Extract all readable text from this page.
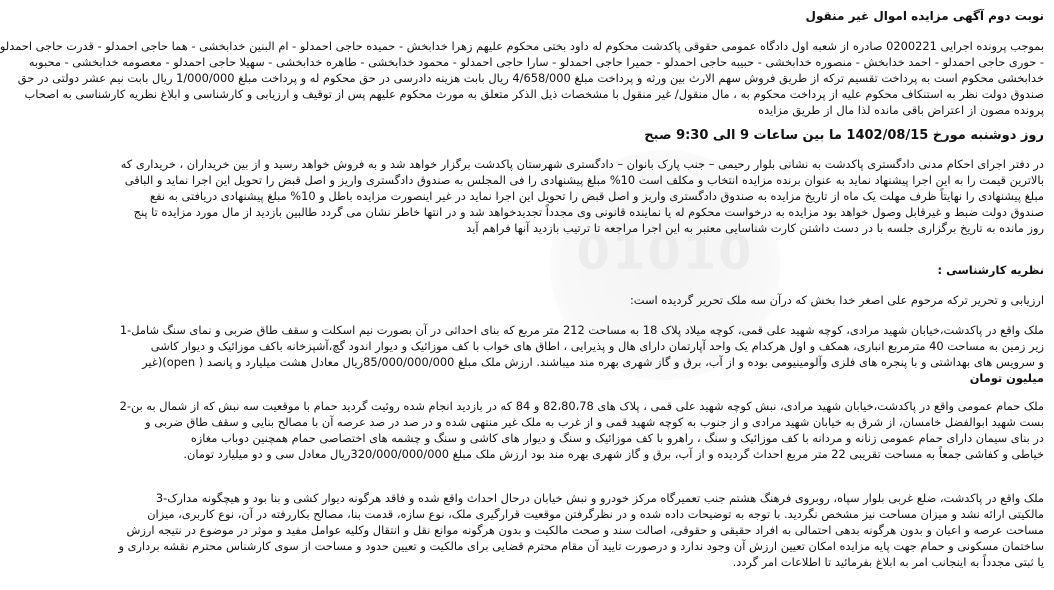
01010
نوبت دوم آگهی مزایده اموال غیر منقول
بموجب پرونده اجرایی 0200221 صادره از شعبه اول دادگاه عمومی حقوقی پاکدشت محکوم له داود بختی محکوم علیهم زهرا خدابخش - حمیده حاجی احمدلو - ام البنین خدابخشی - هما حاجی احمدلو - قدرت حاجی احمدلو
- حوری حاجی احمدلو - احمد خدابخش - منصوره خدابخشی - حبیبه حاجی احمدلو - حمیرا حاجی احمدلو - سارا حاجی احمدلو - محمود خدابخشی - طاهره خدابخشی - سهیلا حاجی احمدلو - معصومه خدابخشی - محبوبه
خدابخشی محکوم است به پرداخت تقسیم ترکه از طریق فروش سهم الارث بین ورثه و پرداخت مبلغ 4/658/000 ریال بابت هزینه دادرسی در حق محکوم له و پرداخت مبلغ 1/000/000 ریال بابت نیم عشر دولتی در حق
صندوق دولت نظر به استنکاف محکوم علیه از پرداخت محکوم به ، مال منقول/ غیر منقول با مشخصات ذیل الذکر متعلق به مورث محکوم علیهم پس از توقیف و ارزیابی و کارشناسی و ابلاغ نظریه کارشناسی به اصحاب
پرونده مصون از اعتراض باقی مانده لذا مال از طریق مزایده
روز دوشنبه مورخ 1402/08/15 ما بین ساعات 9 الی 9:30 صبح
در دفتر اجرای احکام مدنی دادگستری پاکدشت به نشانی بلوار رحیمی – جنب پارک بانوان – دادگستری شهرستان پاکدشت برگزار خواهد شد و به فروش خواهد رسید و از بین خریداران ، خریداری که
بالاترین قیمت را به این اجرا پیشنهاد نماید به عنوان برنده مزایده انتخاب و مکلف است 10% مبلغ پیشنهادی را فی المجلس به صندوق دادگستری واریز و اصل قبض را تحویل این اجرا نماید و الباقی
مبلغ پیشنهادی را نهایتاً ظرف مهلت یک ماه از تاریخ مزایده به صندوق دادگستری واریز و اصل قبض را تحویل این اجرا نماید در غیر اینصورت مزایده باطل و 10% مبلغ پیشنهادی دریافتی به نفع
صندوق دولت ضبط و غیرقابل وصول خواهد بود مزایده به درخواست محکوم له یا نماینده قانونی وی مجدداً تجدیدخواهد شد و در انتها خاطر نشان می گردد طالبین بازدید از مال مورد مزایده تا پنج
روز مانده به تاریخ برگزاری جلسه با در دست داشتن کارت شناسایی معتبر به این اجرا مراجعه تا ترتیب بازدید آنها فراهم آید
نظریه کارشناسی :
ارزیابی و تحریر ترکه مرحوم علی اصغر خدا بخش که درآن سه ملک تحریر گردیده است:
ملک واقع در پاکدشت،خیابان شهید مرادی، کوچه شهید علی قمی، کوچه میلاد پلاک 18 به مساحت 212 متر مربع که بنای احداثی در آن بصورت نیم اسکلت و سقف طاق ضربی و نمای سنگ شامل-1
زیر زمین به مساحت 40 مترمربع انباری، همکف و اول هرکدام یک واحد آپارتمان دارای هال و پذیرایی ، اطاق های خواب با کف موزائیک و دیوار اندود گچ،آشپزخانه باکف موزائیک و دیوار کاشی
و سرویس های بهداشتی و با پنجره های فلزی وآلومینیومی بوده و از آب، برق و گاز شهری بهره مند میباشند. ارزش ملک مبلغ 85/000/000/000ریال معادل هشت میلیارد و پانصد ( open)(غیر
میلیون تومان
ملک حمام عمومی واقع در پاکدشت،خیابان شهید مرادی، نبش کوچه شهید علی قمی ، پلاک های 82،80،78 و 84 که در بازدید انجام شده روئیت گردید حمام با موقعیت سه نبش که از شمال به بن-2
بست شهید ابوالفضل خامسان، از شرق به خیابان شهید مرادی و از جنوب به کوچه شهید قمی و از غرب به ملک غیر منتهی شده و در صد در صد عرصه آن با مصالح بنایی و سقف طاق ضربی و
در بنای سیمان دارای حمام عمومی زنانه و مردانه با کف موزائیک و سنگ ، راهرو با کف موزائیک و سنگ و دیوار های کاشی و سنگ و چشمه های اختصاصی حمام همچنین دوباب مغازه
خیاطی و کفاشی جمعاً به مساحت تقریبی 22 متر مربع احداث گردیده و از آب، برق و گاز شهری بهره مند بود ارزش ملک مبلغ 320/000/000/000ریال معادل سی و دو میلیارد تومان.
ملک واقع در پاکدشت، ضلع غربی بلوار سپاه، روبروی فرهنگ هشتم جنب تعمیرگاه مرکز خودرو و نبش خیابان درحال احداث واقع شده و فاقد هرگونه دیوار کشی و بنا بود و هیچگونه مدارک-3
مالکیتی ارائه نشد و میزان مساحت نیز مشخص نگردید. با توجه به توضیحات داده شده و در نظرگرفتن موقعیت قرارگیری ملک، نوع سازه، قدمت بنا، مصالح بکاررفته در آن، نوع کاربری، میزان
مساحت عرصه و اعیان و بدون هرگونه بدهی احتمالی به افراد حقیقی و حقوقی، اصالت سند و صحت مالکیت و بدون هرگونه موانع نقل و انتقال وکلیه عوامل مفید و موثر در موضوع در نتیجه ارزش
ساختمان مسکونی و حمام جهت پایه مزایده امکان تعیین ارزش آن وجود ندارد و درصورت تایید آن مقام محترم قضایی برای مالکیت و تعیین حدود و مساحت از سوی کارشناس محترم نقشه برداری و
یا ثبتی مجدداً به اینجانب امر به ابلاغ بفرمائید تا اطلاعات امر گردد.
